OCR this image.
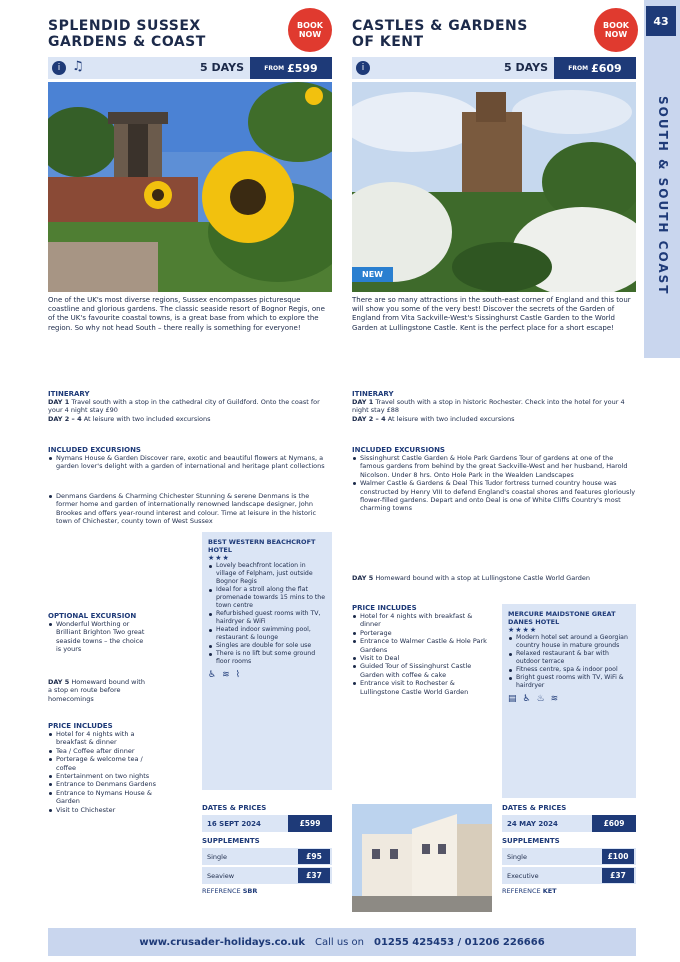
43
SOUTH & SOUTH COAST
SPLENDID SUSSEX
GARDENS & COAST
BOOK NOW
i ♫	5 DAYS	FROM £599
One of the UK's most diverse regions, Sussex encompasses picturesque coastline and glorious gardens. The classic seaside resort of Bognor Regis, one of the UK's favourite coastal towns, is a great base from which to explore the region. So why not head South – there really is something for everyone!
ITINERARY
DAY 1 Travel south with a stop in the cathedral city of Guildford. Onto the coast for your 4 night stay £90
DAY 2 – 4 At leisure with two included excursions
INCLUDED EXCURSIONS
Nymans House & Garden Discover rare, exotic and beautiful flowers at Nymans, a garden lover's delight with a garden of international and heritage plant collections
Denmans Gardens & Charming Chichester Stunning & serene Denmans is the former home and garden of internationally renowned landscape designer, John Brookes and offers year-round interest and colour. Time at leisure in the historic town of Chichester, county town of West Sussex
OPTIONAL EXCURSION
Wonderful Worthing or Brilliant Brighton Two great seaside towns – the choice is yours
DAY 5 Homeward bound with a stop en route before homecomings
PRICE INCLUDES
Hotel for 4 nights with a breakfast & dinner
Tea / Coffee after dinner
Porterage & welcome tea / coffee
Entertainment on two nights
Entrance to Denmans Gardens
Entrance to Nymans House & Garden
Visit to Chichester
BEST WESTERN BEACHCROFT HOTEL
★★★
Lovely beachfront location in village of Felpham, just outside Bognor Regis
Ideal for a stroll along the flat promenade towards 15 mins to the town centre
Refurbished guest rooms with TV, hairdryer & WiFi
Heated indoor swimming pool, restaurant & lounge
Singles are double for sole use
There is no lift but some ground floor rooms
♿ ≋ ⌇
DATES & PRICES
16 SEPT 2024	£599
SUPPLEMENTS
Single	£95
Seaview	£37
REFERENCE SBR
CASTLES & GARDENS
OF KENT
BOOK NOW
i	5 DAYS	FROM £609
NEW
There are so many attractions in the south-east corner of England and this tour will show you some of the very best! Discover the secrets of the Garden of England from Vita Sackville-West's Sissinghurst Castle Garden to the World Garden at Lullingstone Castle. Kent is the perfect place for a short escape!
ITINERARY
DAY 1 Travel south with a stop in historic Rochester. Check into the hotel for your 4 night stay £88
DAY 2 – 4 At leisure with two included excursions
INCLUDED EXCURSIONS
Sissinghurst Castle Garden & Hole Park Gardens Tour of gardens at one of the famous gardens from behind by the great Sackville-West and her husband, Harold Nicolson. Under 8 hrs. Onto Hole Park in the Wealden Landscapes
Walmer Castle & Gardens & Deal This Tudor fortress turned country house was constructed by Henry VIII to defend England's coastal shores and features gloriously flower-filled gardens. Depart and onto Deal is one of White Cliffs Country's most charming towns
DAY 5 Homeward bound with a stop at Lullingstone Castle World Garden
PRICE INCLUDES
Hotel for 4 nights with breakfast & dinner
Porterage
Entrance to Walmer Castle & Hole Park Gardens
Visit to Deal
Guided Tour of Sissinghurst Castle Garden with coffee & cake
Entrance visit to Rochester & Lullingstone Castle World Garden
MERCURE MAIDSTONE GREAT DANES HOTEL
★★★★
Modern hotel set around a Georgian country house in mature grounds
Relaxed restaurant & bar with outdoor terrace
Fitness centre, spa & indoor pool
Bright guest rooms with TV, WiFi & hairdryer
▤ ♿ ♨ ≋
DATES & PRICES
24 MAY 2024	£609
SUPPLEMENTS
Single	£100
Executive	£37
REFERENCE KET
www.crusader-holidays.co.uk Call us on 01255 425453 / 01206 226666
